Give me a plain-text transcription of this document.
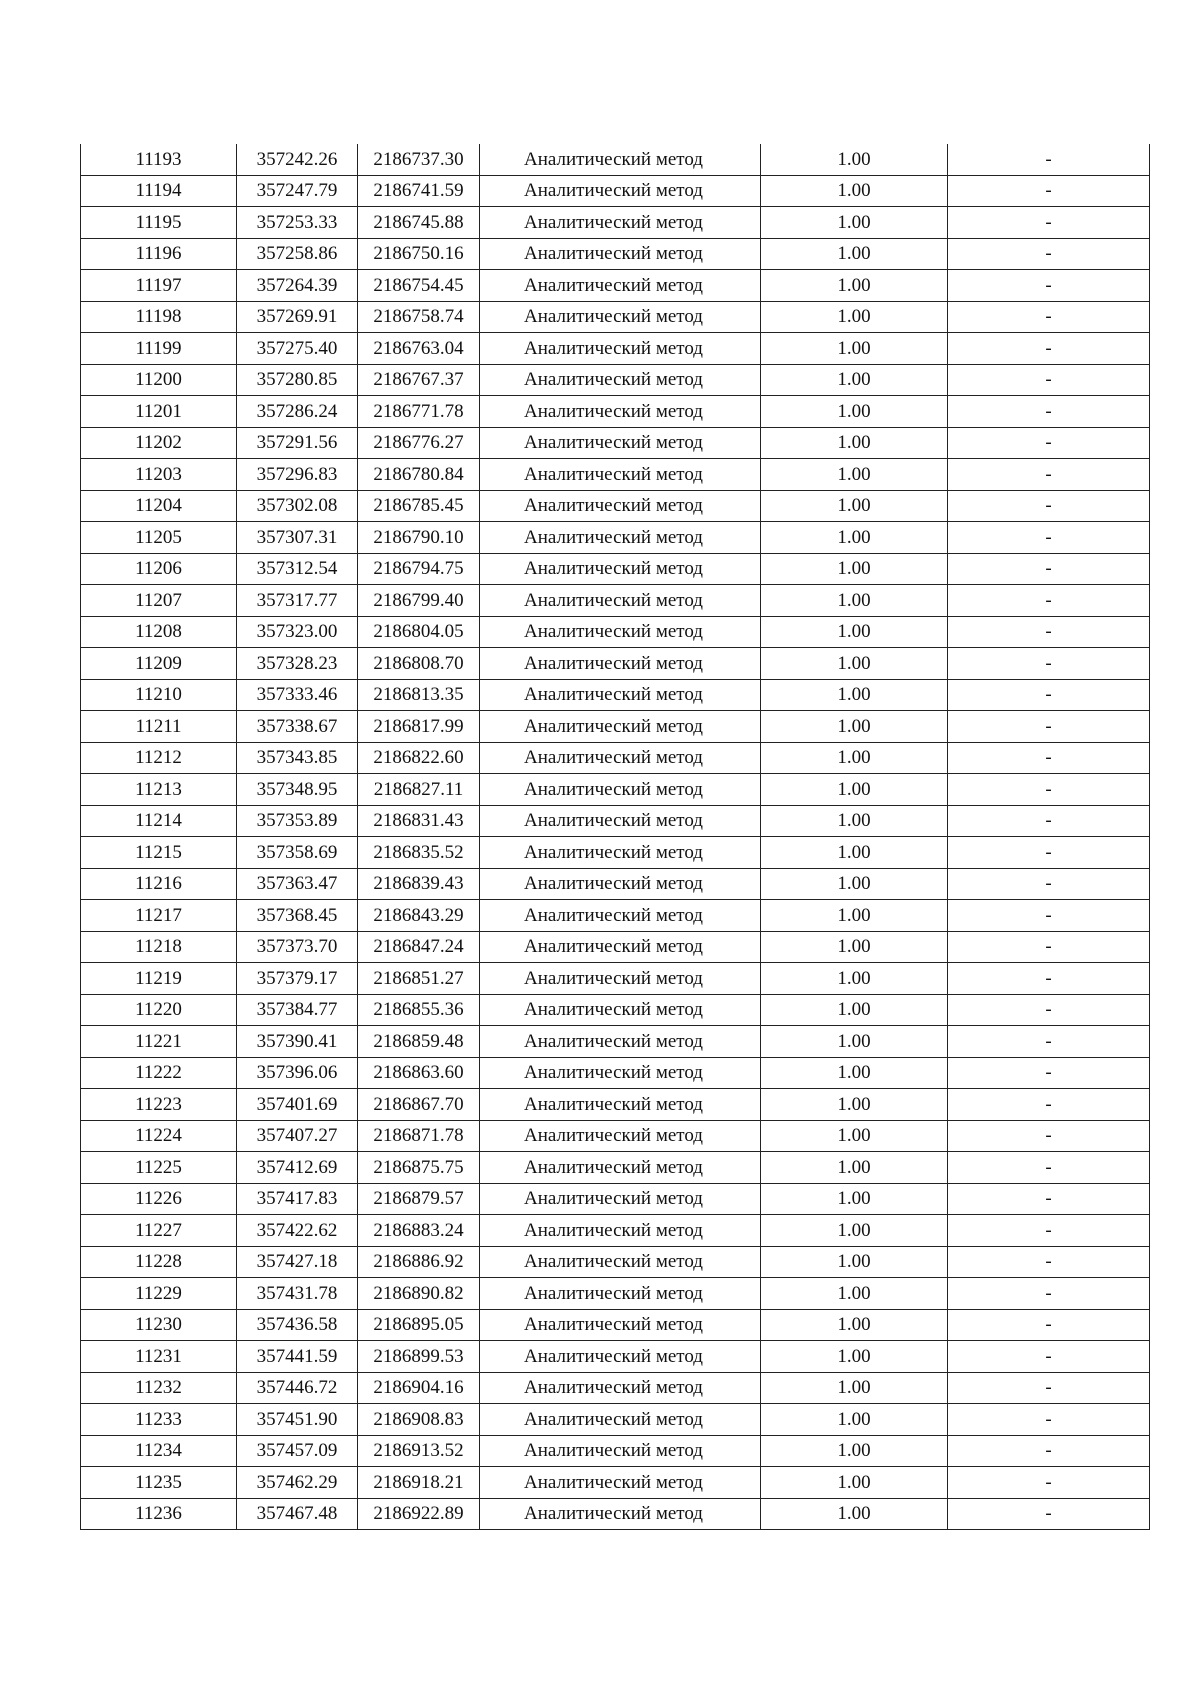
11193	357242.26	2186737.30	Аналитический метод	1.00	-
11194	357247.79	2186741.59	Аналитический метод	1.00	-
11195	357253.33	2186745.88	Аналитический метод	1.00	-
11196	357258.86	2186750.16	Аналитический метод	1.00	-
11197	357264.39	2186754.45	Аналитический метод	1.00	-
11198	357269.91	2186758.74	Аналитический метод	1.00	-
11199	357275.40	2186763.04	Аналитический метод	1.00	-
11200	357280.85	2186767.37	Аналитический метод	1.00	-
11201	357286.24	2186771.78	Аналитический метод	1.00	-
11202	357291.56	2186776.27	Аналитический метод	1.00	-
11203	357296.83	2186780.84	Аналитический метод	1.00	-
11204	357302.08	2186785.45	Аналитический метод	1.00	-
11205	357307.31	2186790.10	Аналитический метод	1.00	-
11206	357312.54	2186794.75	Аналитический метод	1.00	-
11207	357317.77	2186799.40	Аналитический метод	1.00	-
11208	357323.00	2186804.05	Аналитический метод	1.00	-
11209	357328.23	2186808.70	Аналитический метод	1.00	-
11210	357333.46	2186813.35	Аналитический метод	1.00	-
11211	357338.67	2186817.99	Аналитический метод	1.00	-
11212	357343.85	2186822.60	Аналитический метод	1.00	-
11213	357348.95	2186827.11	Аналитический метод	1.00	-
11214	357353.89	2186831.43	Аналитический метод	1.00	-
11215	357358.69	2186835.52	Аналитический метод	1.00	-
11216	357363.47	2186839.43	Аналитический метод	1.00	-
11217	357368.45	2186843.29	Аналитический метод	1.00	-
11218	357373.70	2186847.24	Аналитический метод	1.00	-
11219	357379.17	2186851.27	Аналитический метод	1.00	-
11220	357384.77	2186855.36	Аналитический метод	1.00	-
11221	357390.41	2186859.48	Аналитический метод	1.00	-
11222	357396.06	2186863.60	Аналитический метод	1.00	-
11223	357401.69	2186867.70	Аналитический метод	1.00	-
11224	357407.27	2186871.78	Аналитический метод	1.00	-
11225	357412.69	2186875.75	Аналитический метод	1.00	-
11226	357417.83	2186879.57	Аналитический метод	1.00	-
11227	357422.62	2186883.24	Аналитический метод	1.00	-
11228	357427.18	2186886.92	Аналитический метод	1.00	-
11229	357431.78	2186890.82	Аналитический метод	1.00	-
11230	357436.58	2186895.05	Аналитический метод	1.00	-
11231	357441.59	2186899.53	Аналитический метод	1.00	-
11232	357446.72	2186904.16	Аналитический метод	1.00	-
11233	357451.90	2186908.83	Аналитический метод	1.00	-
11234	357457.09	2186913.52	Аналитический метод	1.00	-
11235	357462.29	2186918.21	Аналитический метод	1.00	-
11236	357467.48	2186922.89	Аналитический метод	1.00	-
